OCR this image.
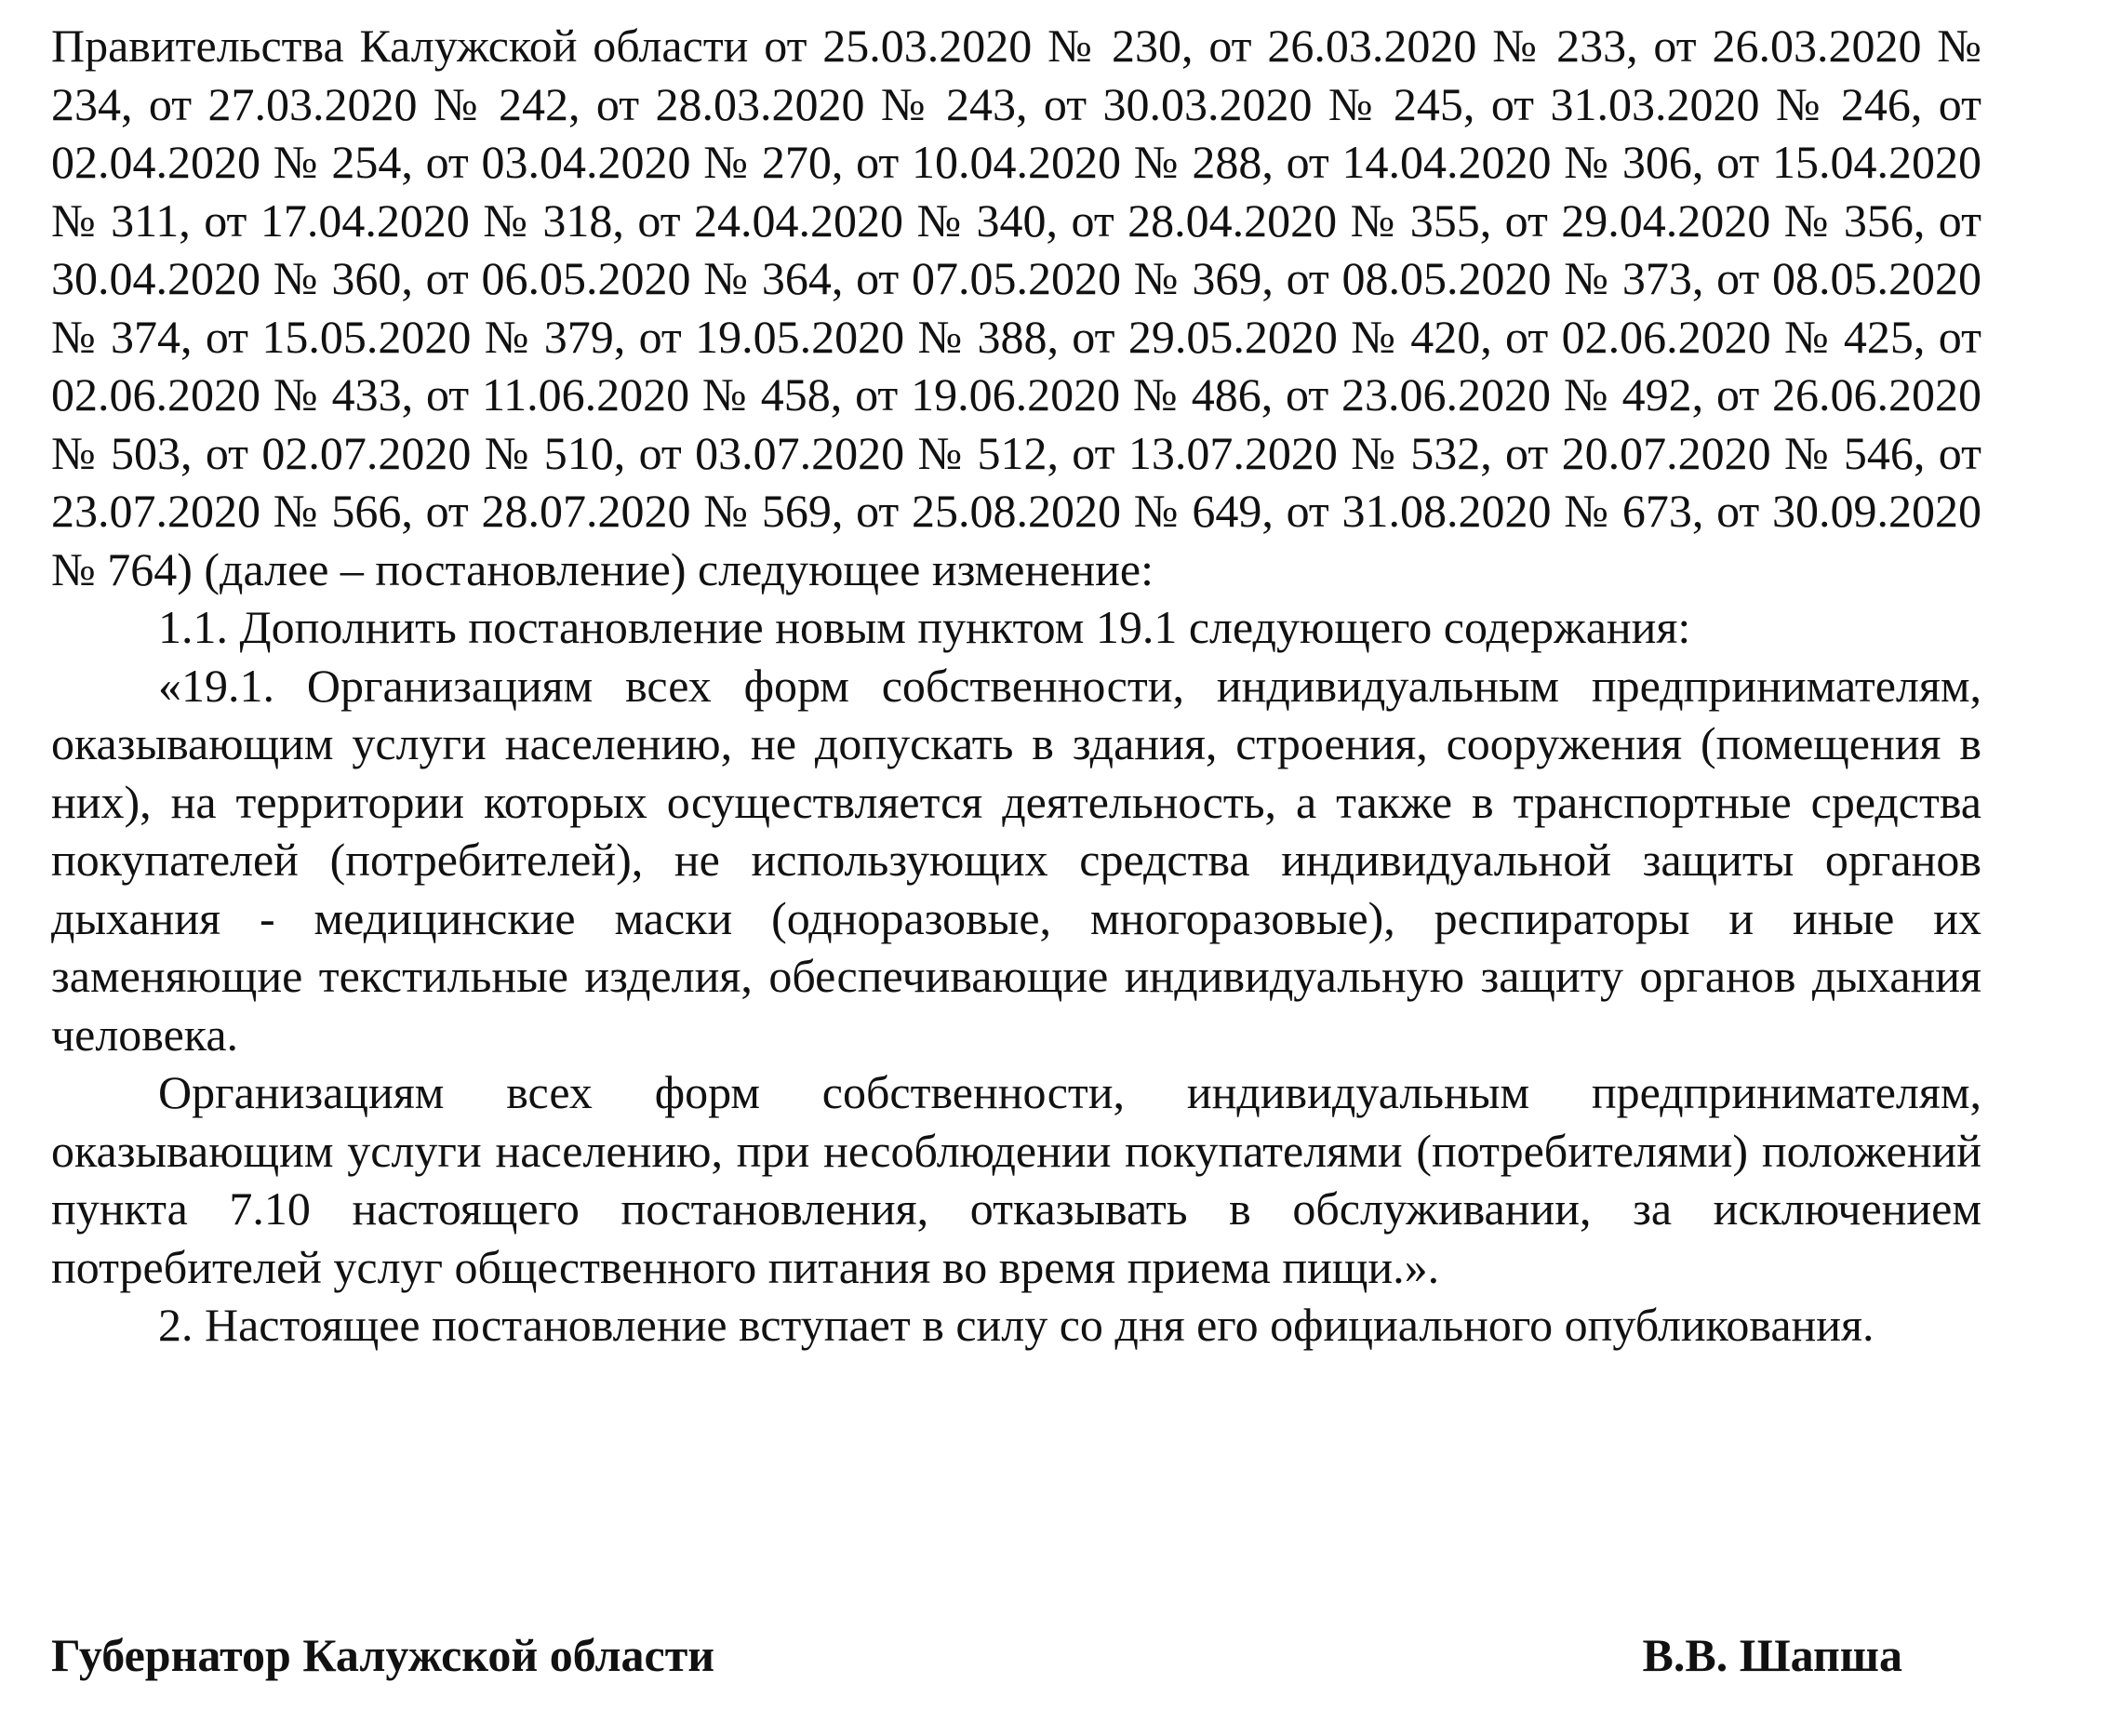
Правительства Калужской области от 25.03.2020 № 230, от 26.03.2020 № 233, от 26.03.2020 № 234, от 27.03.2020 № 242, от 28.03.2020 № 243, от 30.03.2020 № 245, от 31.03.2020 № 246, от 02.04.2020 № 254, от 03.04.2020 № 270, от 10.04.2020 № 288, от 14.04.2020 № 306, от 15.04.2020 № 311, от 17.04.2020 № 318, от 24.04.2020 № 340, от 28.04.2020 № 355, от 29.04.2020 № 356, от 30.04.2020 № 360, от 06.05.2020 № 364, от 07.05.2020 № 369, от 08.05.2020 № 373, от 08.05.2020 № 374, от 15.05.2020 № 379, от 19.05.2020 № 388, от 29.05.2020 № 420, от 02.06.2020 № 425, от 02.06.2020 № 433, от 11.06.2020 № 458, от 19.06.2020 № 486, от 23.06.2020 № 492, от 26.06.2020 № 503, от 02.07.2020 № 510, от 03.07.2020 № 512, от 13.07.2020 № 532, от 20.07.2020 № 546, от 23.07.2020 № 566, от 28.07.2020 № 569, от 25.08.2020 № 649, от 31.08.2020 № 673, от 30.09.2020 № 764) (далее – постановление) следующее изменение:

1.1. Дополнить постановление новым пунктом 19.1 следующего содержания:

«19.1. Организациям всех форм собственности, индивидуальным предпринимателям, оказывающим услуги населению, не допускать в здания, строения, сооружения (помещения в них), на территории которых осуществляется деятельность, а также в транспортные средства покупателей (потребителей), не использующих средства индивидуальной защиты органов дыхания - медицинские маски (одноразовые, многоразовые), респираторы и иные их заменяющие текстильные изделия, обеспечивающие индивидуальную защиту органов дыхания человека.

Организациям всех форм собственности, индивидуальным предпринимателям, оказывающим услуги населению, при несоблюдении покупателями (потребителями) положений пункта 7.10 настоящего постановления, отказывать в обслуживании, за исключением потребителей услуг общественного питания во время приема пищи.».

2. Настоящее постановление вступает в силу со дня его официального опубликования.

Губернатор Калужской области	В.В. Шапша
